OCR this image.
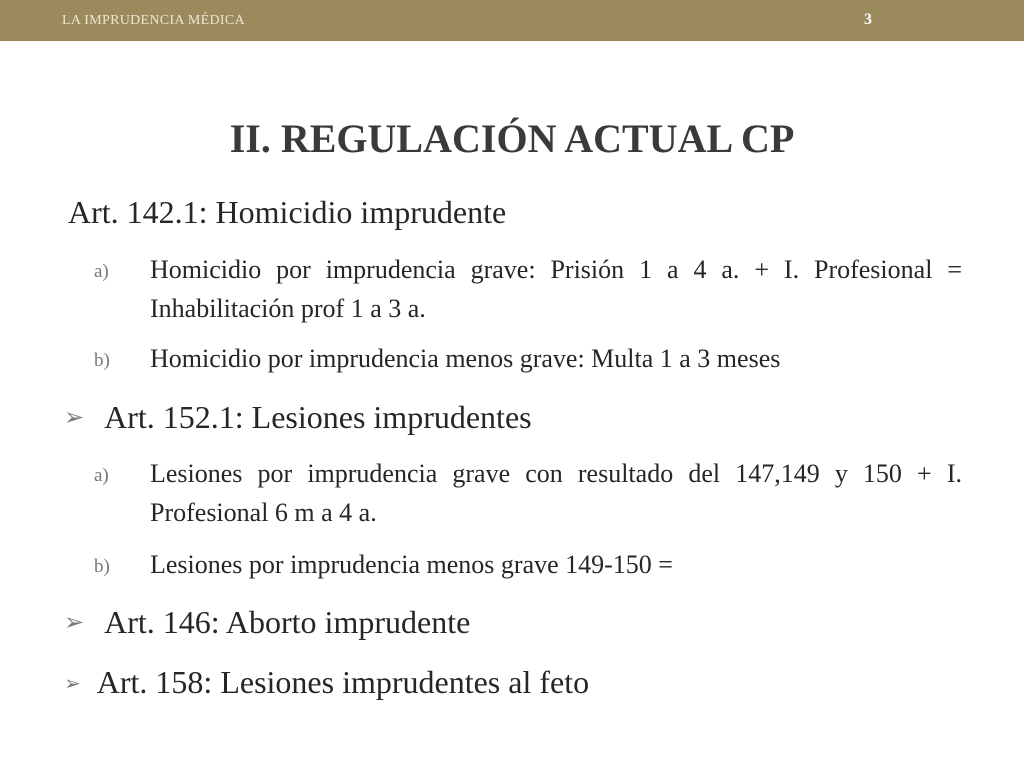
LA IMPRUDENCIA MÉDICA	3
II. REGULACIÓN ACTUAL CP
Art. 142.1: Homicidio imprudente
a) Homicidio por imprudencia grave: Prisión 1 a 4 a. + I. Profesional = Inhabilitación prof 1 a 3 a.
b) Homicidio por imprudencia menos grave: Multa 1 a 3 meses
➢ Art. 152.1: Lesiones imprudentes
a) Lesiones por imprudencia grave con resultado del 147,149 y 150 + I. Profesional 6 m a 4 a.
b) Lesiones por imprudencia menos grave 149-150 =
➢ Art. 146: Aborto imprudente
➢ Art. 158: Lesiones imprudentes al feto
